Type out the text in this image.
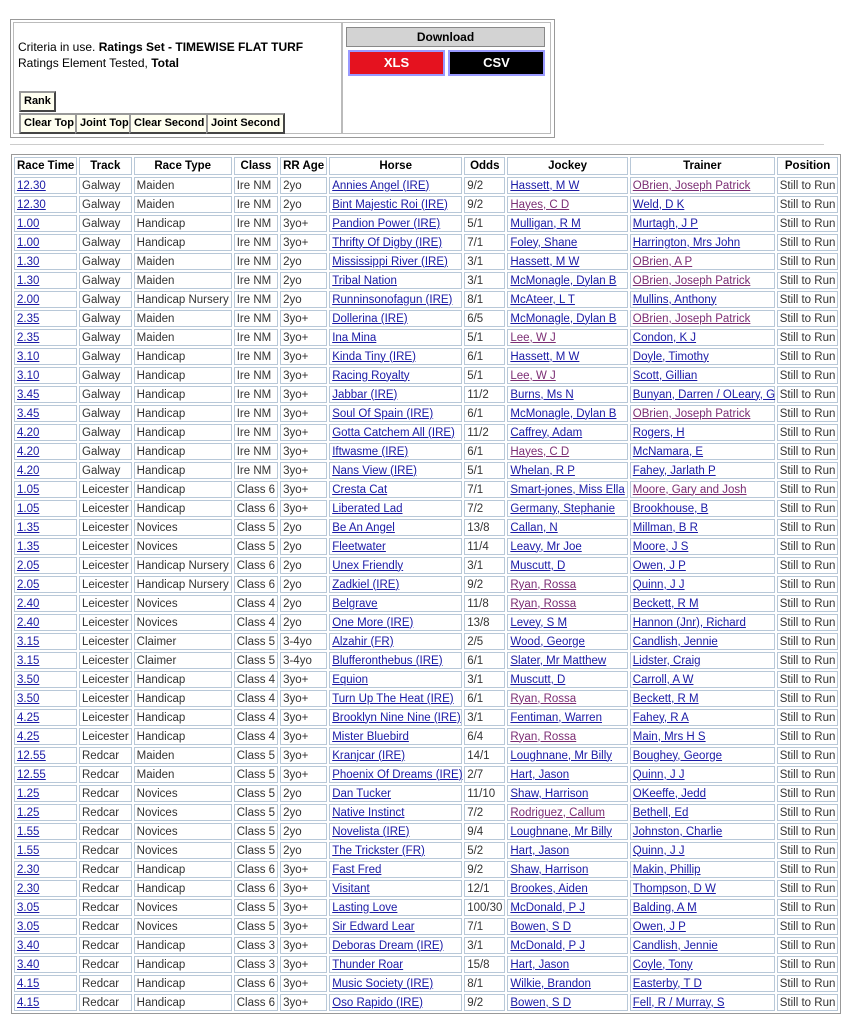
Criteria in use. Ratings Set - TIMEWISE FLAT TURF
Ratings Element Tested, Total
Rank
Clear Top Joint Top Clear Second Joint Second
Download
XLS	CSV
Race Time	Track	Race Type	Class	RR Age	Horse	Odds	Jockey	Trainer	Position
12.30	Galway	Maiden	Ire NM	2yo	Annies Angel (IRE)	9/2	Hassett, M W	OBrien, Joseph Patrick	Still to Run
12.30	Galway	Maiden	Ire NM	2yo	Bint Majestic Roi (IRE)	9/2	Hayes, C D	Weld, D K	Still to Run
1.00	Galway	Handicap	Ire NM	3yo+	Pandion Power (IRE)	5/1	Mulligan, R M	Murtagh, J P	Still to Run
1.00	Galway	Handicap	Ire NM	3yo+	Thrifty Of Digby (IRE)	7/1	Foley, Shane	Harrington, Mrs John	Still to Run
1.30	Galway	Maiden	Ire NM	2yo	Mississippi River (IRE)	3/1	Hassett, M W	OBrien, A P	Still to Run
1.30	Galway	Maiden	Ire NM	2yo	Tribal Nation	3/1	McMonagle, Dylan B	OBrien, Joseph Patrick	Still to Run
2.00	Galway	Handicap Nursery	Ire NM	2yo	Runninsonofagun (IRE)	8/1	McAteer, L T	Mullins, Anthony	Still to Run
2.35	Galway	Maiden	Ire NM	3yo+	Dollerina (IRE)	6/5	McMonagle, Dylan B	OBrien, Joseph Patrick	Still to Run
2.35	Galway	Maiden	Ire NM	3yo+	Ina Mina	5/1	Lee, W J	Condon, K J	Still to Run
3.10	Galway	Handicap	Ire NM	3yo+	Kinda Tiny (IRE)	6/1	Hassett, M W	Doyle, Timothy	Still to Run
3.10	Galway	Handicap	Ire NM	3yo+	Racing Royalty	5/1	Lee, W J	Scott, Gillian	Still to Run
3.45	Galway	Handicap	Ire NM	3yo+	Jabbar (IRE)	11/2	Burns, Ms N	Bunyan, Darren / OLeary, G	Still to Run
3.45	Galway	Handicap	Ire NM	3yo+	Soul Of Spain (IRE)	6/1	McMonagle, Dylan B	OBrien, Joseph Patrick	Still to Run
4.20	Galway	Handicap	Ire NM	3yo+	Gotta Catchem All (IRE)	11/2	Caffrey, Adam	Rogers, H	Still to Run
4.20	Galway	Handicap	Ire NM	3yo+	Iftwasme (IRE)	6/1	Hayes, C D	McNamara, E	Still to Run
4.20	Galway	Handicap	Ire NM	3yo+	Nans View (IRE)	5/1	Whelan, R P	Fahey, Jarlath P	Still to Run
1.05	Leicester	Handicap	Class 6	3yo+	Cresta Cat	7/1	Smart-jones, Miss Ella	Moore, Gary and Josh	Still to Run
1.05	Leicester	Handicap	Class 6	3yo+	Liberated Lad	7/2	Germany, Stephanie	Brookhouse, B	Still to Run
1.35	Leicester	Novices	Class 5	2yo	Be An Angel	13/8	Callan, N	Millman, B R	Still to Run
1.35	Leicester	Novices	Class 5	2yo	Fleetwater	11/4	Leavy, Mr Joe	Moore, J S	Still to Run
2.05	Leicester	Handicap Nursery	Class 6	2yo	Unex Friendly	3/1	Muscutt, D	Owen, J P	Still to Run
2.05	Leicester	Handicap Nursery	Class 6	2yo	Zadkiel (IRE)	9/2	Ryan, Rossa	Quinn, J J	Still to Run
2.40	Leicester	Novices	Class 4	2yo	Belgrave	11/8	Ryan, Rossa	Beckett, R M	Still to Run
2.40	Leicester	Novices	Class 4	2yo	One More (IRE)	13/8	Levey, S M	Hannon (Jnr), Richard	Still to Run
3.15	Leicester	Claimer	Class 5	3-4yo	Alzahir (FR)	2/5	Wood, George	Candlish, Jennie	Still to Run
3.15	Leicester	Claimer	Class 5	3-4yo	Blufferonthebus (IRE)	6/1	Slater, Mr Matthew	Lidster, Craig	Still to Run
3.50	Leicester	Handicap	Class 4	3yo+	Equion	3/1	Muscutt, D	Carroll, A W	Still to Run
3.50	Leicester	Handicap	Class 4	3yo+	Turn Up The Heat (IRE)	6/1	Ryan, Rossa	Beckett, R M	Still to Run
4.25	Leicester	Handicap	Class 4	3yo+	Brooklyn Nine Nine (IRE)	3/1	Fentiman, Warren	Fahey, R A	Still to Run
4.25	Leicester	Handicap	Class 4	3yo+	Mister Bluebird	6/4	Ryan, Rossa	Main, Mrs H S	Still to Run
12.55	Redcar	Maiden	Class 5	3yo+	Kranjcar (IRE)	14/1	Loughnane, Mr Billy	Boughey, George	Still to Run
12.55	Redcar	Maiden	Class 5	3yo+	Phoenix Of Dreams (IRE)	2/7	Hart, Jason	Quinn, J J	Still to Run
1.25	Redcar	Novices	Class 5	2yo	Dan Tucker	11/10	Shaw, Harrison	OKeeffe, Jedd	Still to Run
1.25	Redcar	Novices	Class 5	2yo	Native Instinct	7/2	Rodriguez, Callum	Bethell, Ed	Still to Run
1.55	Redcar	Novices	Class 5	2yo	Novelista (IRE)	9/4	Loughnane, Mr Billy	Johnston, Charlie	Still to Run
1.55	Redcar	Novices	Class 5	2yo	The Trickster (FR)	5/2	Hart, Jason	Quinn, J J	Still to Run
2.30	Redcar	Handicap	Class 6	3yo+	Fast Fred	9/2	Shaw, Harrison	Makin, Phillip	Still to Run
2.30	Redcar	Handicap	Class 6	3yo+	Visitant	12/1	Brookes, Aiden	Thompson, D W	Still to Run
3.05	Redcar	Novices	Class 5	3yo+	Lasting Love	100/30	McDonald, P J	Balding, A M	Still to Run
3.05	Redcar	Novices	Class 5	3yo+	Sir Edward Lear	7/1	Bowen, S D	Owen, J P	Still to Run
3.40	Redcar	Handicap	Class 3	3yo+	Deboras Dream (IRE)	3/1	McDonald, P J	Candlish, Jennie	Still to Run
3.40	Redcar	Handicap	Class 3	3yo+	Thunder Roar	15/8	Hart, Jason	Coyle, Tony	Still to Run
4.15	Redcar	Handicap	Class 6	3yo+	Music Society (IRE)	8/1	Wilkie, Brandon	Easterby, T D	Still to Run
4.15	Redcar	Handicap	Class 6	3yo+	Oso Rapido (IRE)	9/2	Bowen, S D	Fell, R / Murray, S	Still to Run
